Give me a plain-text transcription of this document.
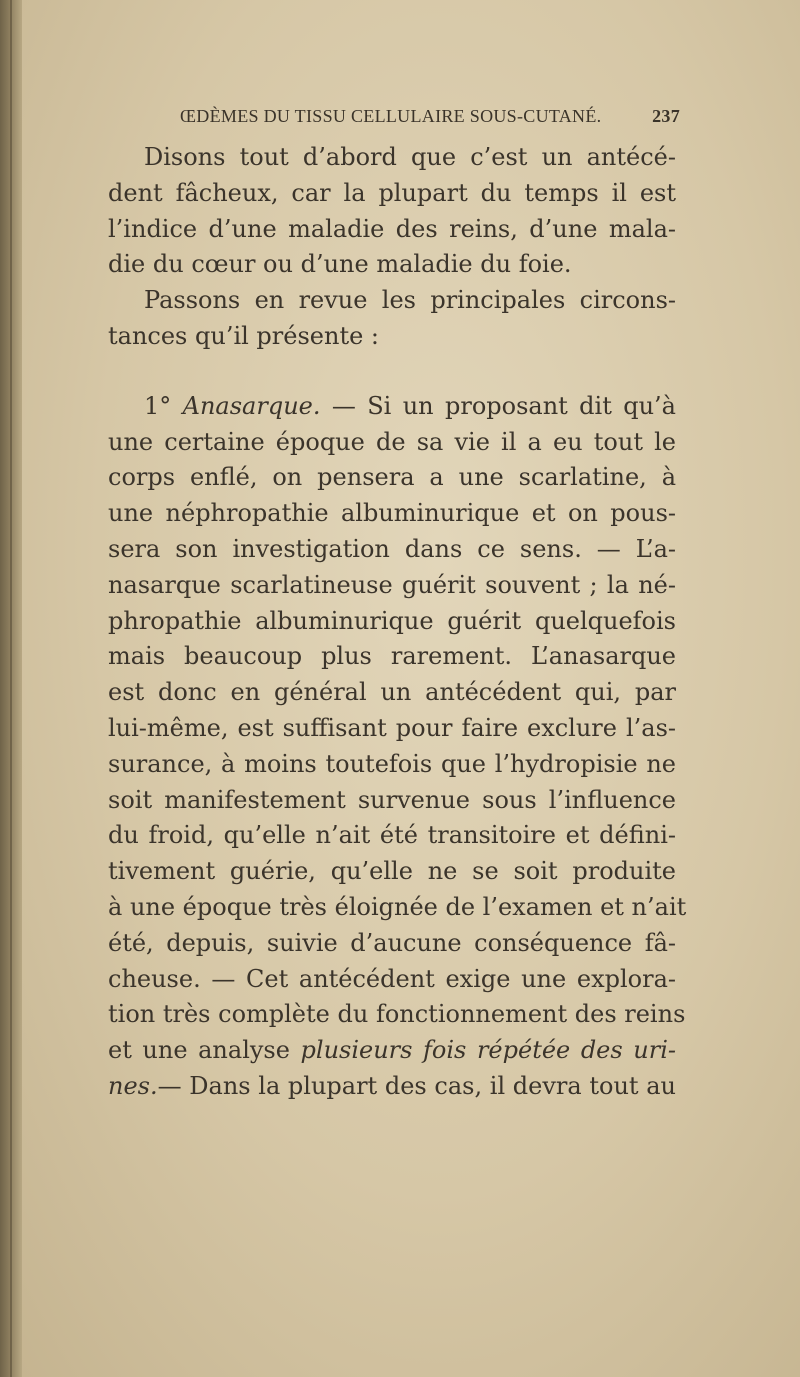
ŒDÈMES DU TISSU CELLULAIRE SOUS-CUTANÉ.	237
Disons tout d’abord que c’est un antécé-
dent fâcheux, car la plupart du temps il est
l’indice d’une maladie des reins, d’une mala-
die du cœur ou d’une maladie du foie.
Passons en revue les principales circons-
tances qu’il présente :
1° Anasarque. — Si un proposant dit qu’à
une certaine époque de sa vie il a eu tout le
corps enflé, on pensera a une scarlatine, à
une néphropathie albuminurique et on pous-
sera son investigation dans ce sens. — L’a-
nasarque scarlatineuse guérit souvent ; la né-
phropathie albuminurique guérit quelquefois
mais beaucoup plus rarement. L’anasarque
est donc en général un antécédent qui, par
lui-même, est suffisant pour faire exclure l’as-
surance, à moins toutefois que l’hydropisie ne
soit manifestement survenue sous l’influence
du froid, qu’elle n’ait été transitoire et défini-
tivement guérie, qu’elle ne se soit produite
à une époque très éloignée de l’examen et n’ait
été, depuis, suivie d’aucune conséquence fâ-
cheuse. — Cet antécédent exige une explora-
tion très complète du fonctionnement des reins
et une analyse plusieurs fois répétée des uri-
nes.— Dans la plupart des cas, il devra tout au
